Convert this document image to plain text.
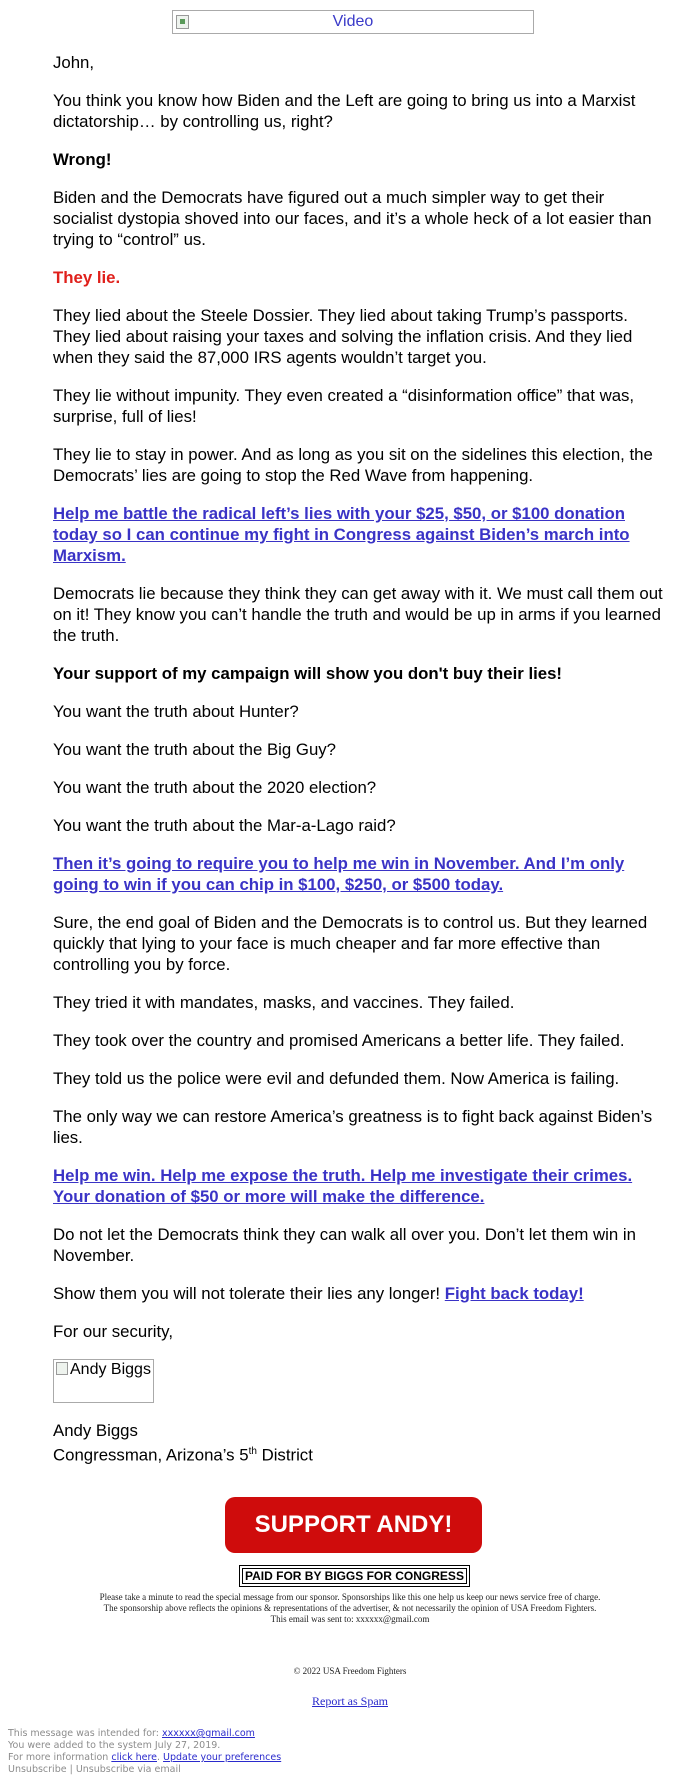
Video

John,

You think you know how Biden and the Left are going to bring us into a Marxist dictatorship… by controlling us, right?

Wrong!

Biden and the Democrats have figured out a much simpler way to get their socialist dystopia shoved into our faces, and it’s a whole heck of a lot easier than trying to “control” us.

They lie.

They lied about the Steele Dossier. They lied about taking Trump’s passports. They lied about raising your taxes and solving the inflation crisis. And they lied when they said the 87,000 IRS agents wouldn’t target you.

They lie without impunity. They even created a “disinformation office” that was, surprise, full of lies!

They lie to stay in power. And as long as you sit on the sidelines this election, the Democrats’ lies are going to stop the Red Wave from happening.

Help me battle the radical left’s lies with your $25, $50, or $100 donation today so I can continue my fight in Congress against Biden’s march into Marxism.

Democrats lie because they think they can get away with it. We must call them out on it! They know you can’t handle the truth and would be up in arms if you learned the truth.

Your support of my campaign will show you don't buy their lies!

You want the truth about Hunter?

You want the truth about the Big Guy?

You want the truth about the 2020 election?

You want the truth about the Mar-a-Lago raid?

Then it’s going to require you to help me win in November. And I’m only going to win if you can chip in $100, $250, or $500 today.

Sure, the end goal of Biden and the Democrats is to control us. But they learned quickly that lying to your face is much cheaper and far more effective than controlling you by force.

They tried it with mandates, masks, and vaccines. They failed.

They took over the country and promised Americans a better life. They failed.

They told us the police were evil and defunded them. Now America is failing.

The only way we can restore America’s greatness is to fight back against Biden’s lies.

Help me win. Help me expose the truth. Help me investigate their crimes. Your donation of $50 or more will make the difference.

Do not let the Democrats think they can walk all over you. Don’t let them win in November.

Show them you will not tolerate their lies any longer! Fight back today!

For our security,

Andy Biggs
Andy Biggs
Congressman, Arizona’s 5th District
SUPPORT ANDY!
PAID FOR BY BIGGS FOR CONGRESS
Please take a minute to read the special message from our sponsor. Sponsorships like this one help us keep our news service free of charge.
The sponsorship above reflects the opinions & representations of the advertiser, & not necessarily the opinion of USA Freedom Fighters.
This email was sent to: xxxxxx@gmail.com
© 2022 USA Freedom Fighters
Report as Spam
This message was intended for: xxxxxx@gmail.com
You were added to the system July 27, 2019.
For more information click here. Update your preferences
Unsubscribe | Unsubscribe via email
